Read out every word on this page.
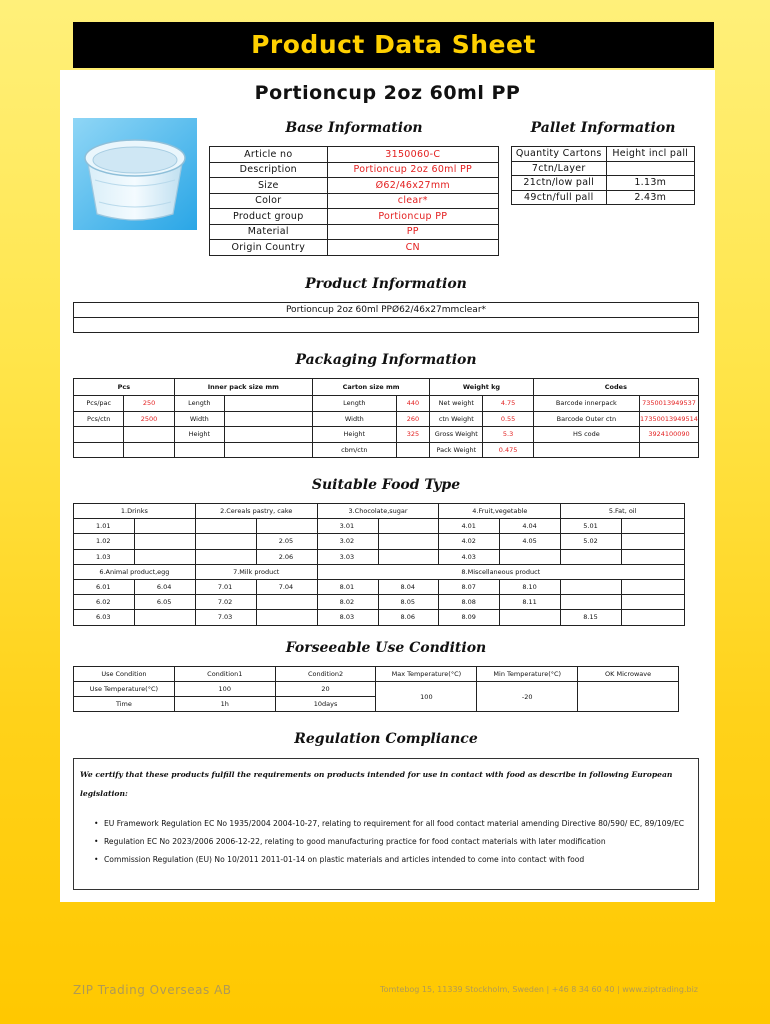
Product Data Sheet
Portioncup 2oz 60ml PP
Base Information
Article no	3150060-C
Description	Portioncup 2oz 60ml PP
Size	Ø62/46x27mm
Color	clear*
Product group	Portioncup PP
Material	PP
Origin Country	CN
Pallet Information
Quantity Cartons	Height incl pall
7ctn/Layer	
21ctn/low pall	1.13m
49ctn/full pall	2.43m
Product Information
Portioncup 2oz 60ml PPØ62/46x27mmclear*

Packaging Information
Pcs		Inner pack size mm		Carton size mm		Weight kg		Codes	
Pcs/pac	250	Length		Length	440	Net weight	4.75	Barcode innerpack	7350013949537
Pcs/ctn	2500	Width		Width	260	ctn Weight	0.55	Barcode Outer ctn	17350013949514
		Height		Height	325	Gross Weight	5.3	HS code	3924100090
				cbm/ctn		Pack Weight	0.475		
Suitable Food Type
1.Drinks		2.Cereals pastry, cake		3.Chocolate,sugar		4.Fruit,vegetable		5.Fat, oil	
1.01				3.01		4.01	4.04	5.01	
1.02			2.05	3.02		4.02	4.05	5.02	
1.03			2.06	3.03		4.03			
6.Animal product,egg		7.Milk product		8.Miscellaneous product					
6.01	6.04	7.01	7.04	8.01	8.04	8.07	8.10		
6.02	6.05	7.02		8.02	8.05	8.08	8.11		
6.03		7.03		8.03	8.06	8.09		8.15	
Forseeable Use Condition
Use Condition	Condition1	Condition2	Max Temperature(°C)	Min Temperature(°C)	OK Microwave
Use Temperature(°C)	100	20	100	-20	
Time	1h	10days			
Regulation Compliance
We certify that these products fulfill the requirements on products intended for use in contact with food as describe in following European legislation:
• EU Framework Regulation EC No 1935/2004 2004-10-27, relating to requirement for all food contact material amending Directive 80/590/ EC, 89/109/EC
• Regulation EC No 2023/2006 2006-12-22, relating to good manufacturing practice for food contact materials with later modification
• Commission Regulation (EU) No 10/2011 2011-01-14 on plastic materials and articles intended to come into contact with food
ZIP Trading Overseas AB	Tomtebog 15, 11339 Stockholm, Sweden | +46 8 34 60 40 | www.ziptrading.biz
